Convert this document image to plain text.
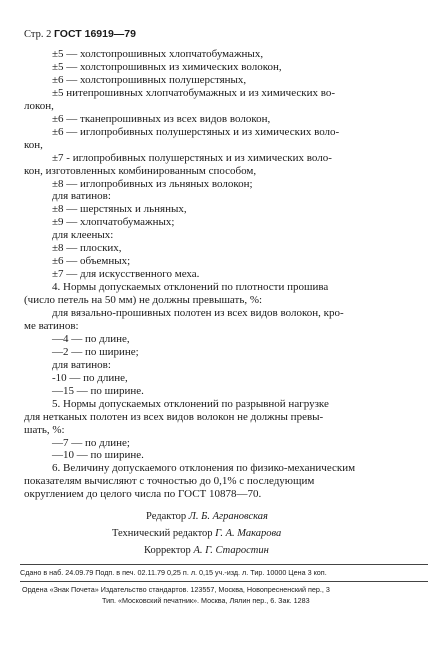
Стр. 2 ГОСТ 16919—79
±5 — холстопрошивных хлопчатобумажных,
±5 — холстопрошивных из химических волокон,
±6 — холстопрошивных полушерстяных,
±5 нитепрошивных хлопчатобумажных и из химических во-
локон,
±6 — тканепрошивных из всех видов волокон,
±6 — иглопробивных полушерстяных и из химических воло-
кон,
±7 - иглопробивных полушерстяных и из химических воло-
кон, изготовленных комбинированным способом,
±8 — иглопробивных из льняных волокон;
для ватинов:
±8 — шерстяных и льняных,
±9 — хлопчатобумажных;
для клееных:
±8 — плоских,
±6 — объемных;
±7 — для искусственного меха.
4. Нормы допускаемых отклонений по плотности прошива
(число петель на 50 мм) не должны превышать, %:
для вязально-прошивных полотен из всех видов волокон, кро-
ме ватинов:
—4 — по длине,
—2 — по ширине;
для ватинов:
-10 — по длине,
—15 — по ширине.
5. Нормы допускаемых отклонений по разрывной нагрузке
для нетканых полотен из всех видов волокон не должны превы-
шать, %:
—7 — по длине;
—10 — по ширине.
6. Величину допускаемого отклонения по физико-механическим
показателям вычисляют с точностью до 0,1% с последующим
округлением до целого числа по ГОСТ 10878—70.
Редактор Л. Б. Аграновская
Технический редактор Г. А. Макарова
Корректор А. Г. Старостин
Сдано в наб. 24.09.79 Подп. в печ. 02.11.79 0,25 п. л. 0,15 уч.-изд. л. Тир. 10000 Цена 3 коп.
Ордена «Знак Почета» Издательство стандартов. 123557, Москва, Новопресненский пер., 3
Тип. «Московский печатник». Москва, Лялин пер., 6. Зак. 1283
